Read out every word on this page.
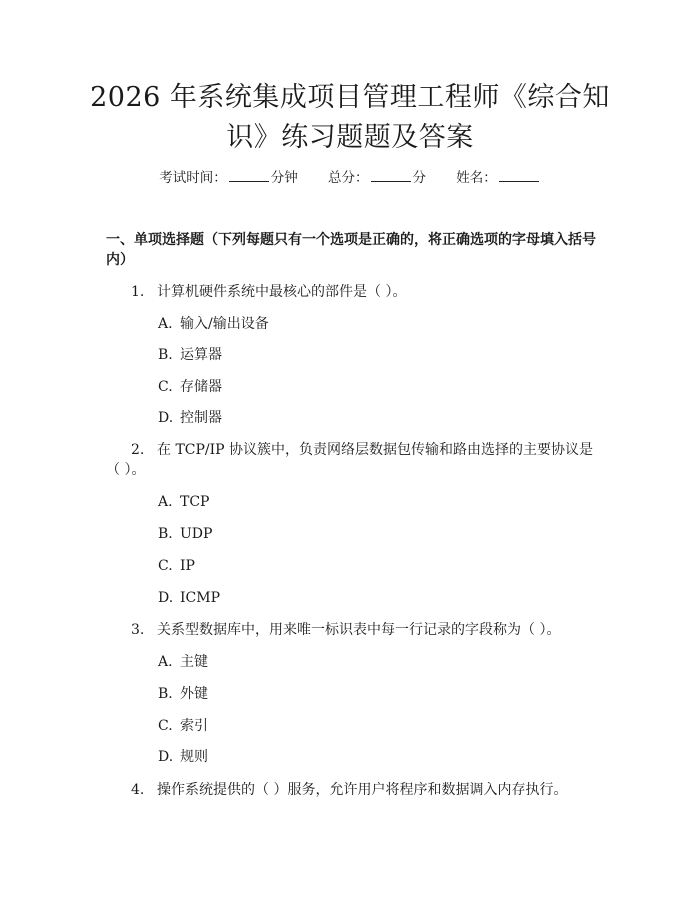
2026 年系统集成项目管理工程师《综合知识》练习题题及答案
考试时间：	分钟 总分：	分 姓名：
一、单项选择题（下列每题只有一个选项是正确的，将正确选项的字母填入括号内）
1. 计算机硬件系统中最核心的部件是（ ）。
A. 输入/输出设备
B. 运算器
C. 存储器
D. 控制器
2. 在 TCP/IP 协议簇中，负责网络层数据包传输和路由选择的主要协议是（ ）。
A. TCP
B. UDP
C. IP
D. ICMP
3. 关系型数据库中，用来唯一标识表中每一行记录的字段称为（ ）。
A. 主键
B. 外键
C. 索引
D. 规则
4. 操作系统提供的（ ）服务，允许用户将程序和数据调入内存执行。
